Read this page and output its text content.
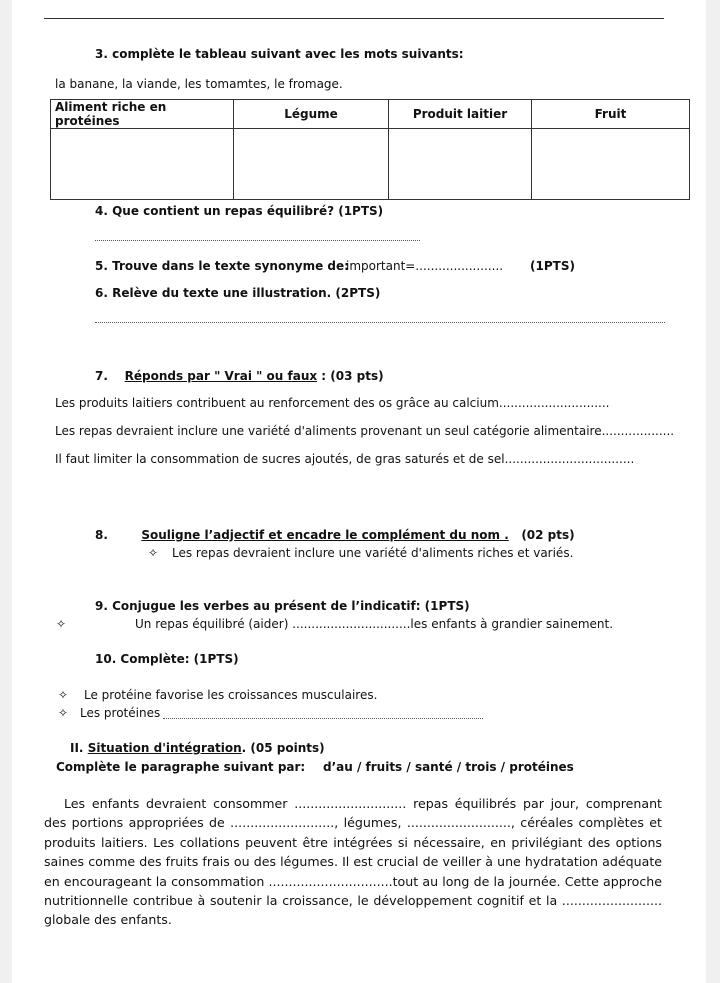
3. complète le tableau suivant avec les mots suivants:
la banane, la viande, les tomamtes, le fromage.
Aliment riche en protéines	Légume	Produit laitier	Fruit

4. Que contient un repas équilibré? (1PTS)
5. Trouve dans le texte synonyme de:
important=....................... (1PTS)
6. Relève du texte une illustration. (2PTS)
7. Réponds par " Vrai " ou faux : (03 pts)
Les produits laitiers contribuent au renforcement des os grâce au calcium.............................
Les repas devraient inclure une variété d'aliments provenant un seul catégorie alimentaire...................
Il faut limiter la consommation de sucres ajoutés, de gras saturés et de sel..................................
8.	Souligne l’adjectif et encadre le complément du nom . (02 pts)
✧ Les repas devraient inclure une variété d'aliments riches et variés.
9. Conjugue les verbes au présent de l’indicatif: (1PTS)
✧	Un repas équilibré (aider) ...............................les enfants à grandier sainement.
10. Complète: (1PTS)
✧ Le protéine favorise les croissances musculaires.
✧ Les protéines
II. Situation d'intégration. (05 points)
Complète le paragraphe suivant par: d’au / fruits / santé / trois / protéines
Les enfants devraient consommer ............................ repas équilibrés par jour, comprenant des portions appropriées de .........................., légumes, .........................., céréales complètes et produits laitiers. Les collations peuvent être intégrées si nécessaire, en privilégiant des options saines comme des fruits frais ou des légumes. Il est crucial de veiller à une hydratation adéquate en encourageant la consommation ...............................tout au long de la journée. Cette approche nutritionnelle contribue à soutenir la croissance, le développement cognitif et la ......................... globale des enfants.
